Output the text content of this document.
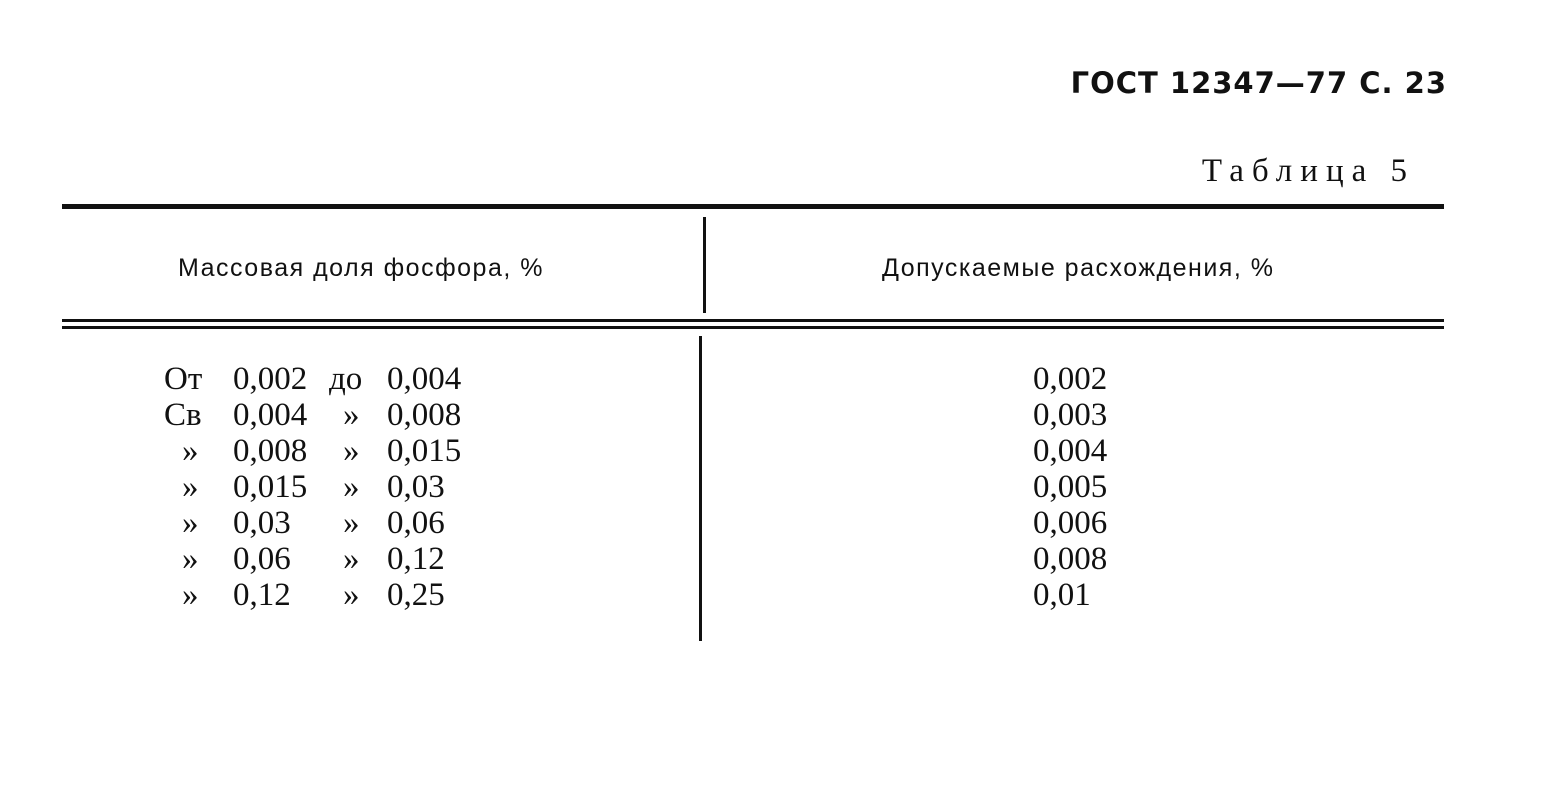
ГОСТ 12347—77 С. 23
Таблица 5
Массовая доля фосфора, %	Допускаемые расхождения, %
От 0,002 до 0,004	0,002
Св 0,004 » 0,008	0,003
» 0,008 » 0,015	0,004
» 0,015 » 0,03	0,005
» 0,03 » 0,06	0,006
» 0,06 » 0,12	0,008
» 0,12 » 0,25	0,01
